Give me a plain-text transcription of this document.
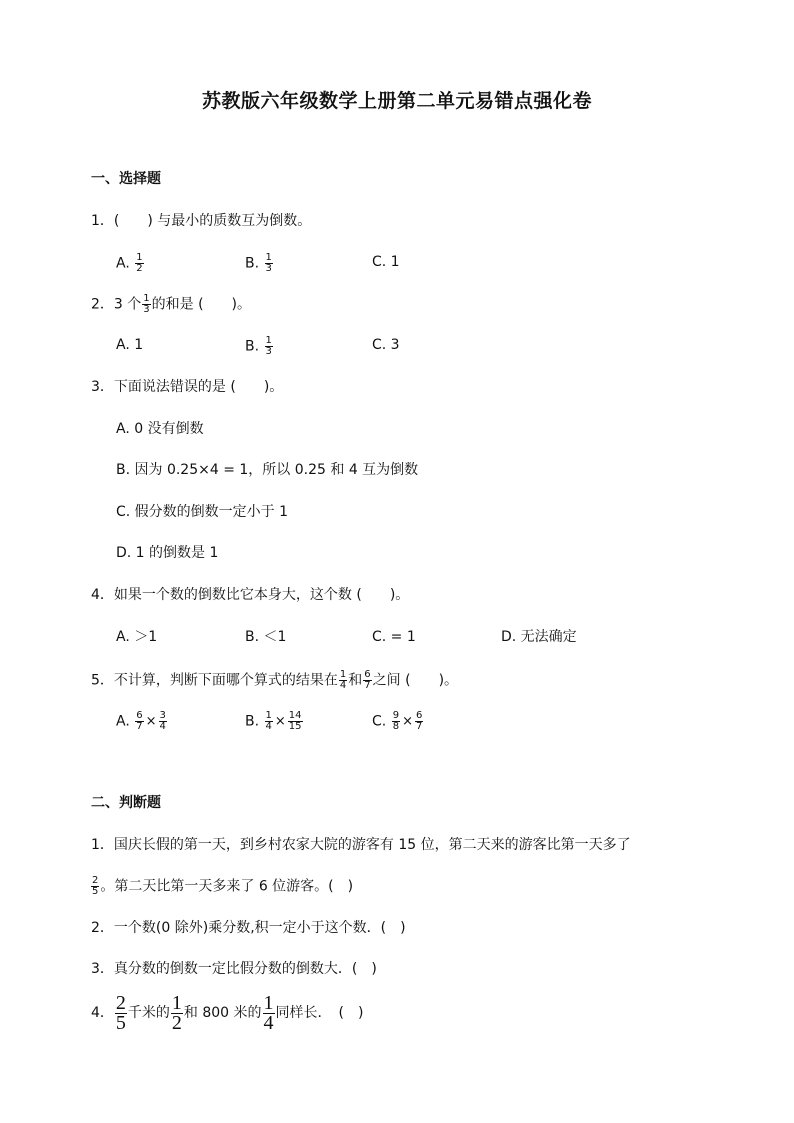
苏教版六年级数学上册第二单元易错点强化卷
一、选择题
1．(　　) 与最小的质数互为倒数。
A. $\frac{1}{2}$	B. $\frac{1}{3}$	C. 1
2．3 个 $\frac{1}{3}$ 的和是 (　　)。
A. 1	B. $\frac{1}{3}$	C. 3
3．下面说法错误的是 (　　)。
A. 0 没有倒数
B. 因为 0.25×4 = 1，所以 0.25 和 4 互为倒数
C. 假分数的倒数一定小于 1
D. 1 的倒数是 1
4．如果一个数的倒数比它本身大，这个数 (　　)。
A. ＞1	B. ＜1	C. = 1	D. 无法确定
5．不计算，判断下面哪个算式的结果在 $\frac{1}{4}$ 和 $\frac{6}{7}$ 之间 (　　)。
A. $\frac{6}{7} \times \frac{3}{4}$	B. $\frac{1}{4} \times \frac{14}{15}$	C. $\frac{9}{8} \times \frac{6}{7}$
二、判断题
1．国庆长假的第一天，到乡村农家大院的游客有 15 位，第二天来的游客比第一天多了
$\frac{2}{5}$ 。第二天比第一天多来了 6 位游客。(　)
2．一个数(0 除外)乘分数,积一定小于这个数．(　)
3．真分数的倒数一定比假分数的倒数大．(　)
4． $\frac{2}{5}$ 千米的 $\frac{1}{2}$ 和 800 米的 $\frac{1}{4}$ 同样长．　(　)
